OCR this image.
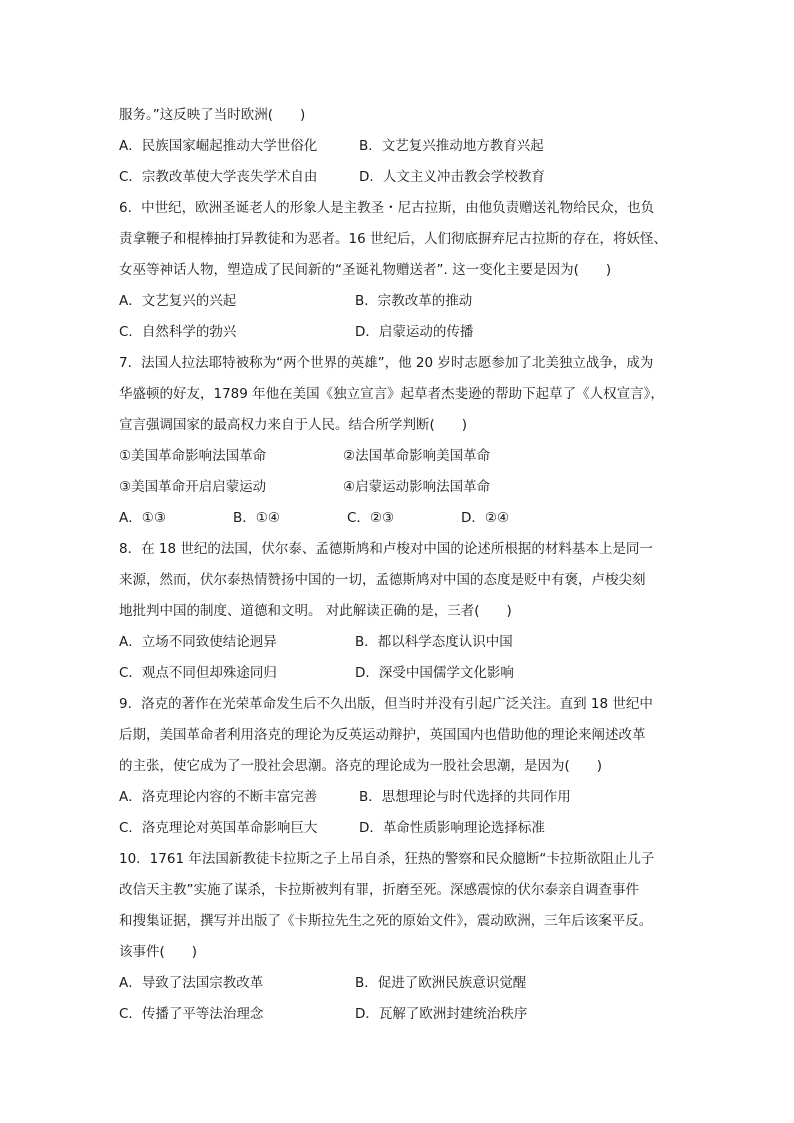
服务。”这反映了当时欧洲(　　)
A．民族国家崛起推动大学世俗化	B．文艺复兴推动地方教育兴起
C．宗教改革使大学丧失学术自由	D．人文主义冲击教会学校教育
6．中世纪，欧洲圣诞老人的形象人是主教圣・尼古拉斯，由他负责赠送礼物给民众，也负
责拿鞭子和棍棒抽打异教徒和为恶者。16 世纪后，人们彻底摒弃尼古拉斯的存在，将妖怪、
女巫等神话人物，塑造成了民间新的“圣诞礼物赠送者”. 这一变化主要是因为(　　)
A．文艺复兴的兴起	B．宗教改革的推动
C．自然科学的勃兴	D．启蒙运动的传播
7．法国人拉法耶特被称为“两个世界的英雄”，他 20 岁时志愿参加了北美独立战争，成为
华盛顿的好友，1789 年他在美国《独立宣言》起草者杰斐逊的帮助下起草了《人权宣言》，
宣言强调国家的最高权力来自于人民。结合所学判断(　　)
①美国革命影响法国革命	②法国革命影响美国革命
③美国革命开启启蒙运动	④启蒙运动影响法国革命
A．①③	B．①④	C．②③	D．②④
8．在 18 世纪的法国，伏尔泰、孟德斯鸠和卢梭对中国的论述所根据的材料基本上是同一
来源，然而，伏尔泰热情赞扬中国的一切，孟德斯鸠对中国的态度是贬中有褒，卢梭尖刻
地批判中国的制度、道德和文明。 对此解读正确的是，三者(　　)
A．立场不同致使结论迥异	B．都以科学态度认识中国
C．观点不同但却殊途同归	D．深受中国儒学文化影响
9．洛克的著作在光荣革命发生后不久出版，但当时并没有引起广泛关注。直到 18 世纪中
后期，美国革命者利用洛克的理论为反英运动辩护，英国国内也借助他的理论来阐述改革
的主张，使它成为了一股社会思潮。洛克的理论成为一股社会思潮，是因为(　　)
A．洛克理论内容的不断丰富完善	B．思想理论与时代选择的共同作用
C．洛克理论对英国革命影响巨大	D．革命性质影响理论选择标准
10．1761 年法国新教徒卡拉斯之子上吊自杀，狂热的警察和民众臆断“卡拉斯欲阻止儿子
改信天主教”实施了谋杀，卡拉斯被判有罪，折磨至死。深感震惊的伏尔泰亲自调查事件
和搜集证据，撰写并出版了《卡斯拉先生之死的原始文件》，震动欧洲，三年后该案平反。
该事件(　　)
A．导致了法国宗教改革	B．促进了欧洲民族意识觉醒
C．传播了平等法治理念	D．瓦解了欧洲封建统治秩序
